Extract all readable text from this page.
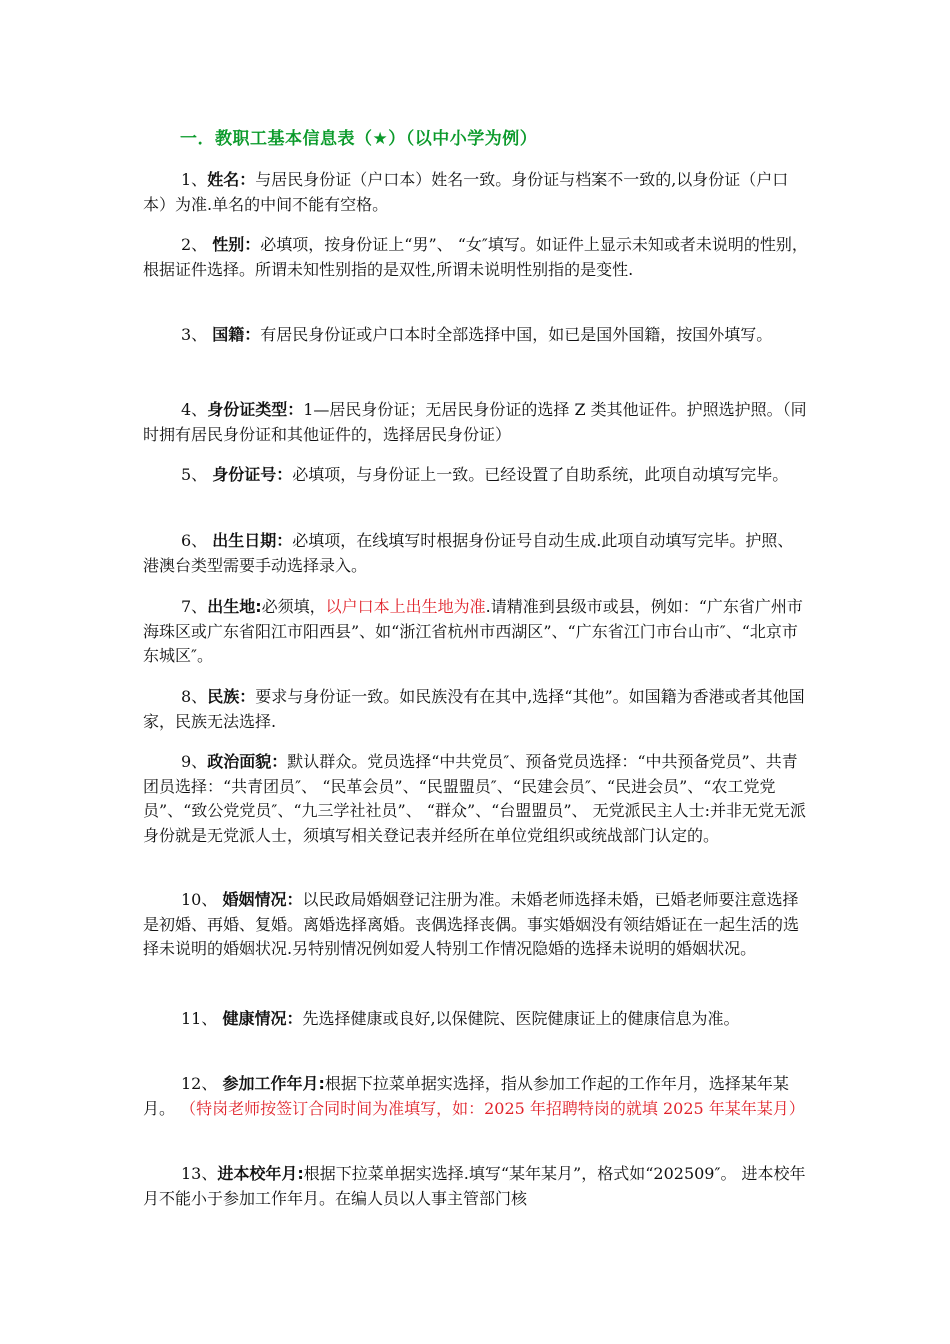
一．教职工基本信息表（★）（以中小学为例）
1、姓名：与居民身份证（户口本）姓名一致。身份证与档案不一致的,以身份证（户口本）为准.单名的中间不能有空格。
2、 性别：必填项，按身份证上“男”、 “女″填写。如证件上显示未知或者未说明的性别，根据证件选择。所谓未知性别指的是双性,所谓未说明性别指的是变性.
3、 国籍：有居民身份证或户口本时全部选择中国，如已是国外国籍，按国外填写。
4、身份证类型：1—居民身份证；无居民身份证的选择 Z 类其他证件。护照选护照。（同时拥有居民身份证和其他证件的，选择居民身份证）
5、 身份证号：必填项，与身份证上一致。已经设置了自助系统，此项自动填写完毕。
6、 出生日期：必填项，在线填写时根据身份证号自动生成.此项自动填写完毕。护照、港澳台类型需要手动选择录入。
7、出生地:必须填，以户口本上出生地为准.请精准到县级市或县，例如：“广东省广州市海珠区或广东省阳江市阳西县”、如“浙江省杭州市西湖区”、“广东省江门市台山市″、“北京市东城区″。
8、民族：要求与身份证一致。如民族没有在其中,选择“其他”。如国籍为香港或者其他国家，民族无法选择.
9、政治面貌：默认群众。党员选择“中共党员″、预备党员选择：“中共预备党员”、共青团员选择：“共青团员″、 “民革会员”、“民盟盟员″、“民建会员″、“民进会员”、“农工党党员”、“致公党党员″、“九三学社社员”、 “群众”、“台盟盟员”、 无党派民主人士:并非无党无派身份就是无党派人士，须填写相关登记表并经所在单位党组织或统战部门认定的。
10、 婚姻情况：以民政局婚姻登记注册为准。未婚老师选择未婚，已婚老师要注意选择是初婚、再婚、复婚。离婚选择离婚。丧偶选择丧偶。事实婚姻没有领结婚证在一起生活的选择未说明的婚姻状况.另特别情况例如爱人特别工作情况隐婚的选择未说明的婚姻状况。
11、 健康情况：先选择健康或良好,以保健院、医院健康证上的健康信息为准。
12、 参加工作年月:根据下拉菜单据实选择，指从参加工作起的工作年月，选择某年某月。 （特岗老师按签订合同时间为准填写，如：2025 年招聘特岗的就填 2025 年某年某月）
13、进本校年月:根据下拉菜单据实选择.填写“某年某月”，格式如“202509″。 进本校年月不能小于参加工作年月。在编人员以人事主管部门核
